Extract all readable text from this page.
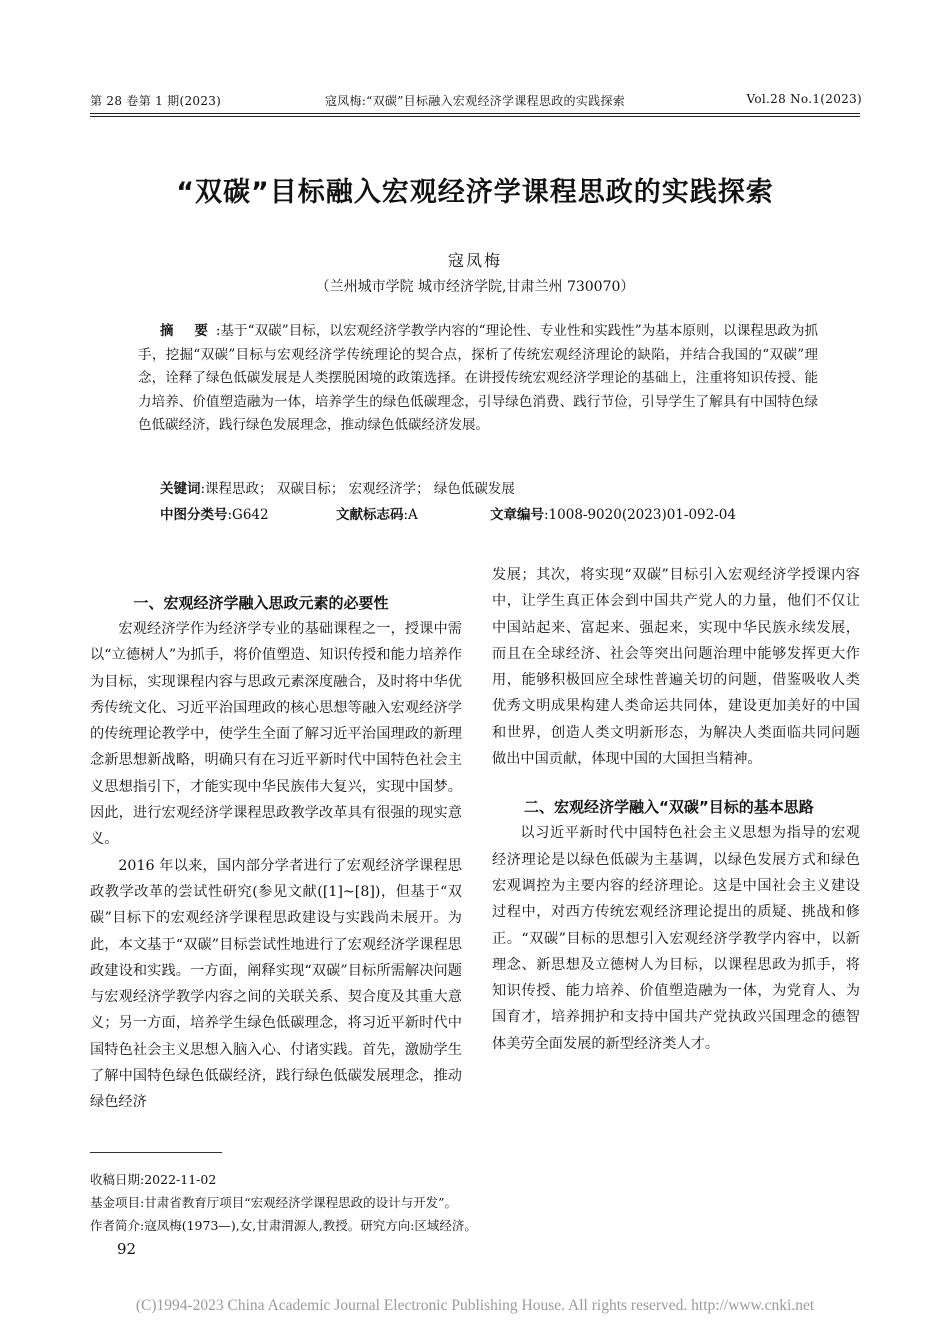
第 28 卷第 1 期(2023)	寇凤梅:“双碳”目标融入宏观经济学课程思政的实践探索	Vol.28 No.1(2023)
“双碳”目标融入宏观经济学课程思政的实践探索
寇凤梅
（兰州城市学院 城市经济学院,甘肃兰州 730070）
摘 要:基于“双碳”目标，以宏观经济学教学内容的“理论性、专业性和实践性”为基本原则，以课程思政为抓手，挖掘“双碳”目标与宏观经济学传统理论的契合点，探析了传统宏观经济理论的缺陷，并结合我国的“双碳”理念，诠释了绿色低碳发展是人类摆脱困境的政策选择。在讲授传统宏观经济学理论的基础上，注重将知识传授、能力培养、价值塑造融为一体，培养学生的绿色低碳理念，引导绿色消费、践行节俭，引导学生了解具有中国特色绿色低碳经济，践行绿色发展理念，推动绿色低碳经济发展。
关键词:课程思政； 双碳目标； 宏观经济学； 绿色低碳发展
中图分类号:G642	文献标志码:A	文章编号:1008-9020(2023)01-092-04
一、宏观经济学融入思政元素的必要性

宏观经济学作为经济学专业的基础课程之一，授课中需以“立德树人”为抓手，将价值塑造、知识传授和能力培养作为目标，实现课程内容与思政元素深度融合，及时将中华优秀传统文化、习近平治国理政的核心思想等融入宏观经济学的传统理论教学中，使学生全面了解习近平治国理政的新理念新思想新战略，明确只有在习近平新时代中国特色社会主义思想指引下，才能实现中华民族伟大复兴，实现中国梦。因此，进行宏观经济学课程思政教学改革具有很强的现实意义。

2016 年以来，国内部分学者进行了宏观经济学课程思政教学改革的尝试性研究(参见文献([1]~[8])，但基于“双碳”目标下的宏观经济学课程思政建设与实践尚未展开。为此，本文基于“双碳”目标尝试性地进行了宏观经济学课程思政建设和实践。一方面，阐释实现“双碳”目标所需解决问题与宏观经济学教学内容之间的关联关系、契合度及其重大意义；另一方面，培养学生绿色低碳理念，将习近平新时代中国特色社会主义思想入脑入心、付诸实践。首先，激励学生了解中国特色绿色低碳经济，践行绿色低碳发展理念，推动绿色经济

发展；其次，将实现“双碳”目标引入宏观经济学授课内容中，让学生真正体会到中国共产党人的力量，他们不仅让中国站起来、富起来、强起来，实现中华民族永续发展，而且在全球经济、社会等突出问题治理中能够发挥更大作用，能够积极回应全球性普遍关切的问题，借鉴吸收人类优秀文明成果构建人类命运共同体，建设更加美好的中国和世界，创造人类文明新形态，为解决人类面临共同问题做出中国贡献，体现中国的大国担当精神。

二、宏观经济学融入“双碳”目标的基本思路

以习近平新时代中国特色社会主义思想为指导的宏观经济理论是以绿色低碳为主基调，以绿色发展方式和绿色宏观调控为主要内容的经济理论。这是中国社会主义建设过程中，对西方传统宏观经济理论提出的质疑、挑战和修正。“双碳”目标的思想引入宏观经济学教学内容中，以新理念、新思想及立德树人为目标，以课程思政为抓手，将知识传授、能力培养、价值塑造融为一体，为党育人、为国育才，培养拥护和支持中国共产党执政兴国理念的德智体美劳全面发展的新型经济类人才。

收稿日期:2022-11-02
基金项目:甘肃省教育厅项目“宏观经济学课程思政的设计与开发”。
作者简介:寇凤梅(1973—),女,甘肃渭源人,教授。研究方向:区域经济。
92
(C)1994-2023 China Academic Journal Electronic Publishing House. All rights reserved. http://www.cnki.net
